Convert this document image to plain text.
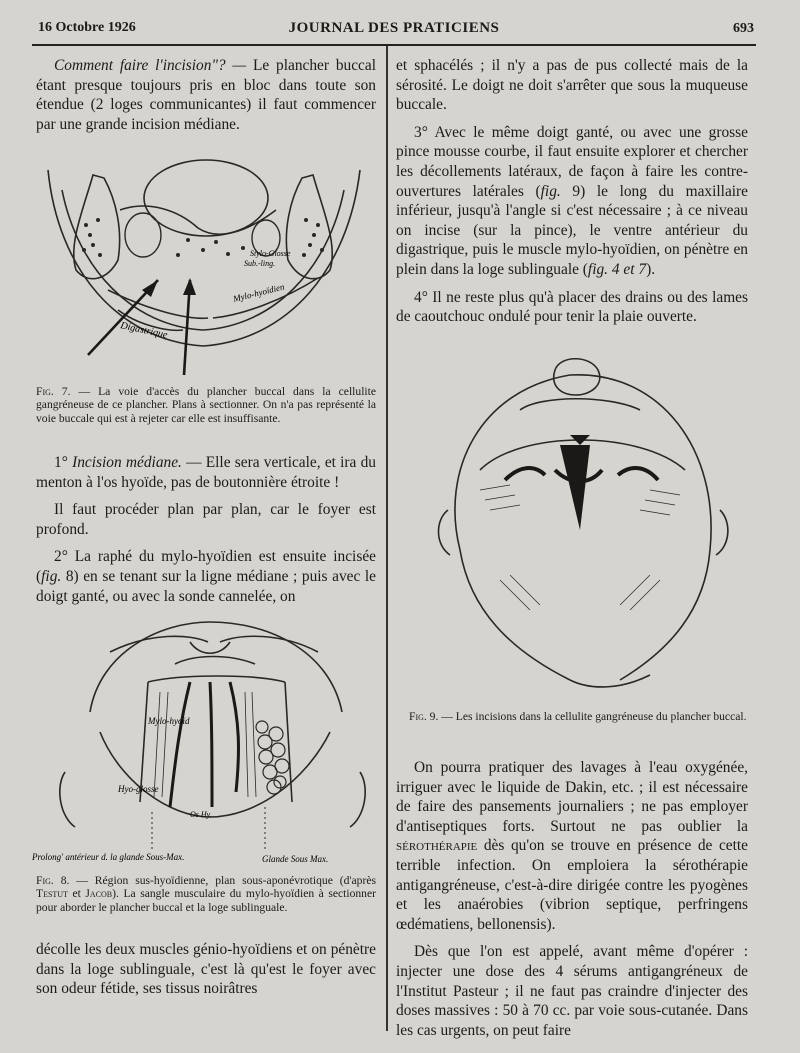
16 Octobre 1926	JOURNAL DES PRATICIENS	693

Comment faire l'incision"? — Le plancher buccal étant presque toujours pris en bloc dans toute son étendue (2 loges communicantes) il faut commencer par une grande incision médiane.

Digastrique
Mylo-hyoïdien
Stylo-Glosse
Sub.-ling.
Fig. 7. — La voie d'accès du plancher buccal dans la cellulite gangréneuse de ce plancher. Plans à sectionner. On n'a pas représenté la voie buccale qui est à rejeter car elle est insuffisante.

1° Incision médiane. — Elle sera verticale, et ira du menton à l'os hyoïde, pas de boutonnière étroite !

Il faut procéder plan par plan, car le foyer est profond.

2° La raphé du mylo-hyoïdien est ensuite incisée (fig. 8) en se tenant sur la ligne médiane ; puis avec le doigt ganté, ou avec la sonde cannelée, on

Mylo-hyoïd
Hyo-glosse
Os Hy.
Prolong' antérieur d. la glande Sous-Max.	Glande Sous Max.
Fig. 8. — Région sus-hyoïdienne, plan sous-aponévrotique (d'après Testut et Jacob). La sangle musculaire du mylo-hyoïdien à sectionner pour aborder le plancher buccal et la loge sublinguale.

décolle les deux muscles génio-hyoïdiens et on pénètre dans la loge sublinguale, c'est là qu'est le foyer avec son odeur fétide, ses tissus noirâtres

et sphacélés ; il n'y a pas de pus collecté mais de la sérosité. Le doigt ne doit s'arrêter que sous la muqueuse buccale.

3° Avec le même doigt ganté, ou avec une grosse pince mousse courbe, il faut ensuite explorer et chercher les décollements latéraux, de façon à faire les contre-ouvertures latérales (fig. 9) le long du maxillaire inférieur, jusqu'à l'angle si c'est nécessaire ; à ce niveau on incise (sur la pince), le ventre antérieur du digastrique, puis le muscle mylo-hyoïdien, on pénètre en plein dans la loge sublinguale (fig. 4 et 7).

4° Il ne reste plus qu'à placer des drains ou des lames de caoutchouc ondulé pour tenir la plaie ouverte.

Fig. 9. — Les incisions dans la cellulite gangréneuse du plancher buccal.

On pourra pratiquer des lavages à l'eau oxygénée, irriguer avec le liquide de Dakin, etc. ; il est nécessaire de faire des pansements journaliers ; ne pas employer d'antiseptiques forts. Surtout ne pas oublier la sérothérapie dès qu'on se trouve en présence de cette terrible infection. On emploiera la sérothérapie antigangréneuse, c'est-à-dire dirigée contre les pyogènes et les anaérobies (vibrion septique, perfringens œdématiens, bellonensis).

Dès que l'on est appelé, avant même d'opérer : injecter une dose des 4 sérums antigangréneux de l'Institut Pasteur ; il ne faut pas craindre d'injecter des doses massives : 50 à 70 cc. par voie sous-cutanée. Dans les cas urgents, on peut faire
